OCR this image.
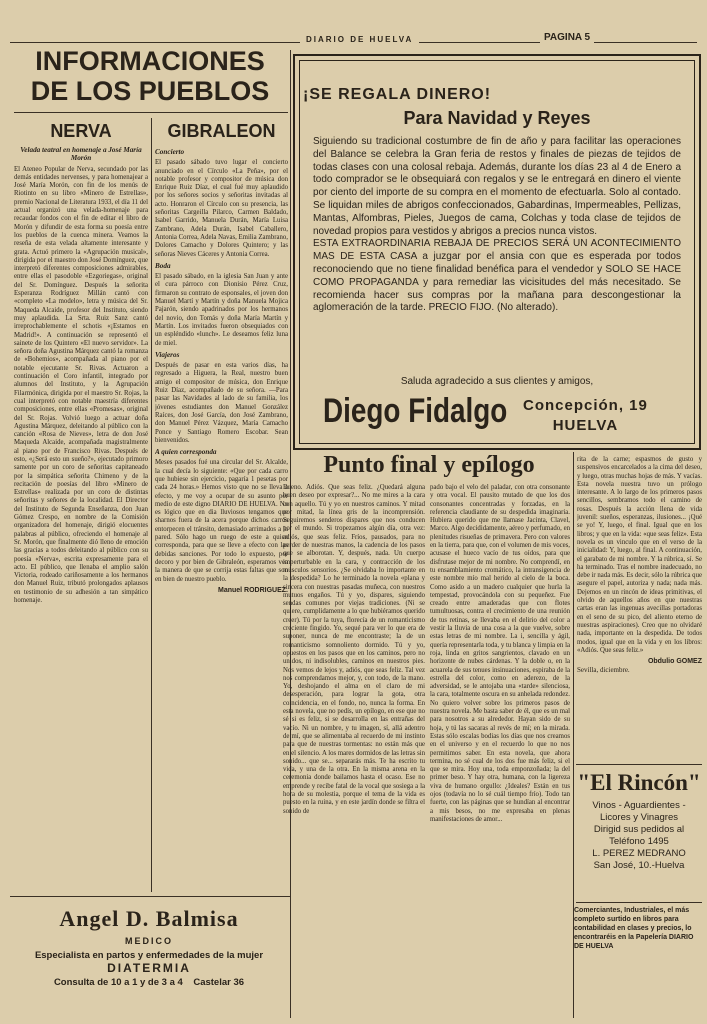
DIARIO DE HUELVA	PAGINA 5
INFORMACIONES DE LOS PUEBLOS
NERVA
Velada teatral en homenaje a José María Morón
El Ateneo Popular de Nerva, secundado por las demás entidades nervenses, y para homenajear a José María Morón, con fin de los menús de Riotinto en su libro «Minero de Estrellas», premio Nacional de Literatura 1933, el día 11 del actual organizó una velada-homenaje para recaudar fondos con el fin de editar el libro de Morón y difundir de esta forma su poesía entre los pueblos de la cuenca minera. Veamos la reseña de esta velada altamente interesante y grata. Actuó primero la «Agrupación musical», dirigida por el maestro don José Domínguez, que interpretó diferentes composiciones admirables, entre ellas el pasodoble «Ezgoriegas», original del Sr. Domínguez. Después la señorita Esperanza Rodríguez Millán cantó con «completo «La modelo», letra y música del Sr. Maqueda Alcaide, profesor del Instituto, siendo muy aplaudida. La Srta. Ruiz Sanz cantó irreprochablemente el schotis «¡Estamos en Madrid!». A continuación se representó el sainete de los Quintero «El nuevo servidor». La señora doña Agustina Márquez cantó la romanza de «Bohemios», acompañada al piano por el notable ejecutante Sr. Rivas. Actuaron a continuación el Coro infantil, integrado por alumnos del Instituto, y la Agrupación Filarmónica, dirigida por el maestro Sr. Rojas, la cual interpretó con notable maestría diferentes composiciones, entre ellas «Promesas», original del Sr. Rojas. Volvió luego a actuar doña Agustina Márquez, deleitando al público con la canción «Rosa de Nieves», letra de don José Maqueda Alcaide, acompañada magistralmente al piano por de Francisco Rivas. Después de esto, «¿Será esto un sueño?», ejecutado primoro samente por un coro de señoritas capitaneado por la simpática señorita Chimeno y de la recitación de poesías del libro «Minero de Estrellas» realizada por un coro de distintas señoritas y señores de la localidad. El Director del Instituto de Segunda Enseñanza, don Juan Gómez Crespo, en nombre de la Comisión organizadora del homenaje, dirigió elocuentes palabras al público, ofreciendo el homenaje al Sr. Morón, que finalmente dió lleno de emoción las gracias a todos deleitando al público con su poesía «Nerva», escrita expresamente para el acto. El público, que llenaba el amplio salón Victoria, rodeado cariñosamente a los hermanos don Manuel Ruiz, tributó prolongados aplausos en testimonio de su adhesión a tan simpático homenaje.
GIBRALEON
Concierto
El pasado sábado tuvo lugar el concierto anunciado en el Círculo «La Peña», por el notable profesor y compositor de música don Enrique Ruiz Díaz, el cual fué muy aplaudido por los señores socios y señoritas invitadas al acto. Honraron el Círculo con su presencia, las señoritas Cargeilla Pilarco, Carmen Baldado, Isabel Garrido, Manuela Durán, María Luisa Zambrano, Adela Durán, Isabel Caballero, Antonia Correa, Adela Navas, Emilia Zambrano, Dolores Camacho y Dolores Quintero; y las señoras Nieves Cáceres y Antonia Correa.
Boda
El pasado sábado, en la iglesia San Juan y ante el cura párroco con Dionisio Pérez Cruz, firmaron su contrato de esponsales, el joven don Manuel Martí y Martín y doña Manuela Mojica Pajarón, siendo apadrinados por los hermanos del novio, don Tomás y doña María Martín y Martín. Los invitados fueron obsequiados con un espléndido «lunch». Le deseamos feliz luna de miel.
Viajeros
Después de pasar en esta varios días, ha regresado a Higuera, la Real, nuestro buen amigo el compositor de música, don Enrique Ruiz Díaz, acompañado de su señora. —Para pasar las Navidades al lado de su familia, los jóvenes estudiantes don Manuel González Raíces, don José García, don José Zambrano, don Manuel Pérez Vázquez, María Camacho Ponce y Santiago Romero Escobar. Sean bienvenidos.
A quien corresponda
Meses pasados fué una circular del Sr. Alcalde, la cual decía lo siguiente: «Que por cada carro que hubiese sin ejercicio, pagaría 1 pesetas por cada 24 horas.» Hemos visto que no se lleva a efecto, y me voy a ocupar de su asunto por medio de este digno DIARIO DE HUELVA. No es lógico que en dia lluviosos tengamos que sharnos fuera de la acera porque dichos carros entorpecen el tránsito, demasiado arrimados a la pared. Sólo hago un ruego de este a quien corresponda, para que se lleve a efecto con las debidas sanciones. Por todo lo expuesto, por decoro y por bien de Gibraleón, esperamos vea la manera de que se corrija estas faltas que son en bien de nuestro pueblo.
Manuel RODRIGUEZ.
Angel D. Balmisa
MEDICO
Especialista en partos y enfermedades de la mujer
DIATERMIA
Consulta de 10 a 1 y de 3 a 4 Castelar 36
¡SE REGALA DINERO!
Para Navidad y Reyes
Siguiendo su tradicional costumbre de fin de año y para facilitar las operaciones del Balance se celebra la Gran feria de restos y finales de piezas de tejidos de todas clases con una colosal rebaja. Además, durante los días 23 al 4 de Enero a todo comprador se le obsequiará con regalos y se le entregará en dinero el viente por ciento del importe de su compra en el momento de efectuarla. Solo al contado. Se liquidan miles de abrigos confeccionados, Gabardinas, Impermeables, Pellizas, Mantas, Alfombras, Pieles, Juegos de cama, Colchas y toda clase de tejidos de novedad propios para vestidos y abrigos a precios nunca vistos.
ESTA EXTRAORDINARIA REBAJA DE PRECIOS SERÁ UN ACONTECIMIENTO MAS DE ESTA CASA a juzgar por el ansia con que es esperada por todos reconociendo que no tiene finalidad benéfica para el vendedor y SOLO SE HACE COMO PROPAGANDA y para remediar las vicisitudes del más necesitado. Se recomienda hacer sus compras por la mañana para descongestionar la aglomeración de la tarde. PRECIO FIJO. (No alterado).
Saluda agradecido a sus clientes y amigos,
Diego Fidalgo Concepción, 19
HUELVA
Punto final y epílogo
Bueno. Adiós. Que seas feliz. ¿Quedará alguna buen deseo por expresar?... No me mires a la cara con aquello. Tú y yo en nuestros caminos. Y mitad por mitad, la línea gris de la incomprensión. Seguiremos senderos dispares que nos conducen por el mundo. Si tropezamos algún día, otra vez: adiós, que seas feliz. Fríos, pausados, para no perder de nuestras manos, la cadencia de los pasos que se alborotan. Y, después, nada. Un cuerpo imperturbable en la cara, y contracción de los músculos sensorios. ¿Se olvidaba lo importante en la despedida? Lo he terminado la novela «plana y sincera con nuestras pasadas muñeca, con nuestros mutuos engaños. Tú y yo, dispares, siguiendo sendas comunes por viejas tradiciones. (Ni se quiere, cumplidamente a lo que hubiéramos querido creer). Tú por la tuya, florecía de un romanticismo creciente fingido. Yo, sequé para ver lo que era de suponer, nunca de me encontraste; la de un romanticismo somnoliento dormido. Tú y yo, opuestos en los pasos que en los caminos, pero no unidos, ni indisolubles, caminos en nuestros pies. Nos vemos de lejos y, adiós, que seas feliz. Tal vez nos comprendamos mejor, y, con todo, de la mano. Yo, deshojando el alma en el claro de mi desesperación, para lograr la gota, otra coincidencia, en el fondo, no, nunca la forma. En esta novela, que no pedís, un epílogo, en ese que no sé si es feliz, si se desarrolla en las entrañas del vacío. Ni un nombre, y tu imagen, sí, allá adentro de mí, que se alimentaba al recuerdo de mi instinto para que de nuestras tormentas: no están más que en el silencio. A los mares dormidos de las letras sin sonido... que se... separarás más. Te ha escrito tu vida, y una de la otra. En la misma arena en la ceremonia donde bailamos hasta el ocaso. Ese no emprende y recibe fatal de la vocal que sosiega a la hora de su molestia, porque el tema de la vida es puesto en la ruina, y en este jardín donde se filtra el sonido de
pado bajo el velo del paladar, con otra consonante y otra vocal. El pausito mutado de que los dos consonantes concentradas y forzadas, en la referencia claudiante de su despedida imaginaria. Hubiera querido que me llamase Jacinta, Clavel, Marco. Algo decididamente, aéreo y perfumado, en plenitudes risueñas de primavera. Pero con valores en la tierra, para que, con el volumen de mis voces, acusase el hueco vacío de tus oídos, para que disfrutase mejor de mi nombre. No comprendí, en tu ensamblamiento cromático, la intransigencia de este nombre mío mal herido al cielo de la boca. Como asido a un madero cualquier que hurla la tempestad, provocándola con su pequeñez. Fue creado entre amaderadas que con flotes tumultuosas, contra el crecimiento de una reunión de tus retinas, se llevaba en el delirio del color a vestir la lluvia de una cosa a la que vuelve, sobre estas letras de mi nombre. La i, sencilla y ágil, quería representarla toda, y tu blanca y limpia en la roja, linda en gritos sangrientos, clavado en un horizonte de nubes cárdenas. Y la doble o, en la acuarela de sus tenues insinuaciones, espiraba de la estrella del color, como en aderezo, de la adversidad, se le antojaba una «tarde» silenciosa, la cara, totalmente oscura en su anhelada redondez. No quiero volver sobre los primeros pasos de nuestra novela. Me basta saber de él, que es un mal para nosotros a su alrededor. Hayan sido de su hoja, y tú las sacaras al revés de mí; en la mirada. Estas sólo escalas bodias los días que nos creamos en el universo y en el recuerdo lo que no nos permitimos saber. En esta novela, que ahora termina, no sé cual de los dos fue más feliz, si el que se mira. Hoy una, toda emponzoñada; la del primer beso. Y hay otra, humana, con la ligereza viva de humano orgullo: ¿Ideales? Están en tus ojos (todavía no lo sé cuál tiempo frío). Todo tan fuerte, con las páginas que se hundían al encontrar a mis besos, no me expresaba en plenas manifestaciones de amor...
rita de la carne; espasmos de gusto y suspensivos encarcelados a la cima del deseo, y luego, otras muchas hojas de más. Y vacías. Esta novela nuestra tuvo un prólogo interesante. A lo largo de los primeros pasos sencillos, sembramos todo el camino de rosas. Después la acción llena de vida juvenil: sueños, esperanzas, ilusiones... ¡Qué se yo! Y, luego, el final. Igual que en los libros; y que en la vida: «que seas feliz». Esta novela es un vinculo que en el verso de la inicialidad: Y, luego, al final. A continuación, el garabato de mi nombre. Y la rúbrica, sí. Se ha terminado. Tras el nombre inadecuado, no debe ir nada más. Es decir, sólo la rúbrica que asegure el papel, autoriza y nada; nada más. Dejemos en un rincón de ideas primitivas, el olvido de aquellos años en que nuestras cartas eran las ingenuas avecillas portadoras en el seno de su pico, del aliento eterno de nuestras aspiraciones). Creo que no olvidaré nada, importante en la despedida. De todos modos, igual que en la vida y en los libros: «Adiós. Que seas feliz.»
Obdulio GOMEZ
Sevilla, diciembre.
"El Rincón"
Vinos - Aguardientes - Licores y Vinagres
Dirigid sus pedidos al Teléfono 1495
L. PEREZ MEDRANO
San José, 10.-Huelva
Comerciantes, Industriales, el más completo surtido en libros para contabilidad en clases y precios, lo encontraréis en la Papelería DIARIO DE HUELVA
